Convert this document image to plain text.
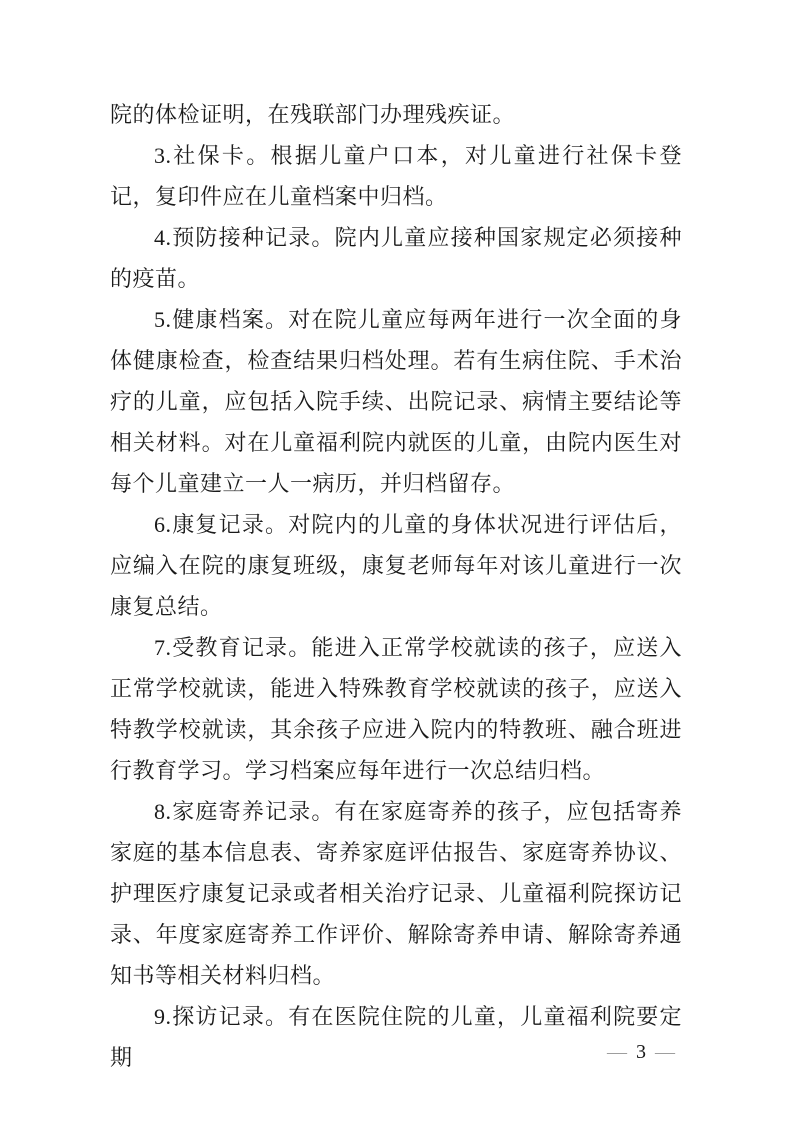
院的体检证明，在残联部门办理残疾证。

3.社保卡。根据儿童户口本，对儿童进行社保卡登记，复印件应在儿童档案中归档。

4.预防接种记录。院内儿童应接种国家规定必须接种的疫苗。

5.健康档案。对在院儿童应每两年进行一次全面的身体健康检查，检查结果归档处理。若有生病住院、手术治疗的儿童，应包括入院手续、出院记录、病情主要结论等相关材料。对在儿童福利院内就医的儿童，由院内医生对每个儿童建立一人一病历，并归档留存。

6.康复记录。对院内的儿童的身体状况进行评估后，应编入在院的康复班级，康复老师每年对该儿童进行一次康复总结。

7.受教育记录。能进入正常学校就读的孩子，应送入正常学校就读，能进入特殊教育学校就读的孩子，应送入特教学校就读，其余孩子应进入院内的特教班、融合班进行教育学习。学习档案应每年进行一次总结归档。

8.家庭寄养记录。有在家庭寄养的孩子，应包括寄养家庭的基本信息表、寄养家庭评估报告、家庭寄养协议、护理医疗康复记录或者相关治疗记录、儿童福利院探访记录、年度家庭寄养工作评价、解除寄养申请、解除寄养通知书等相关材料归档。

9.探访记录。有在医院住院的儿童，儿童福利院要定期	— 3 —
